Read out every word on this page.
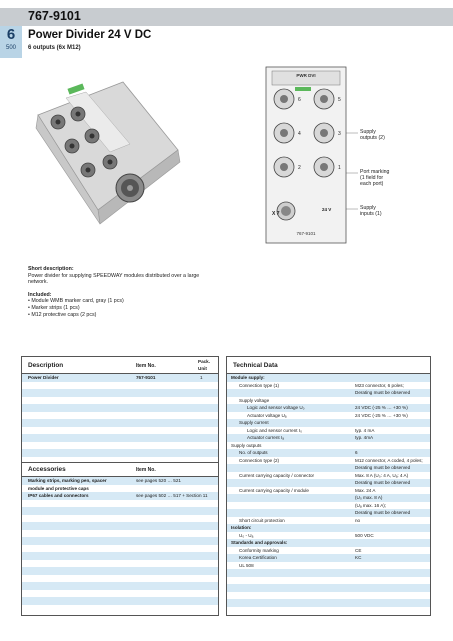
767-9101
6
500
Power Divider 24 V DC
6 outputs (6x M12)
PWR DVI
6	5
4	3
2	1
X 7
24 V
767-9101
Supply
outputs (2)
Port marking
(1 field for
each port)
Supply
inputs (1)
Short description:
Power divider for supplying SPEEDWAY modules distributed over a large
network.
Included:
• Module WMB marker card, gray (1 pcs)
• Marker strips (1 pcs)
• M12 protective caps (2 pcs)
Description	Item No.
Pack.
Unit
Power Divider	767-9101	1
Accessories	Item No.
Marking strips, marking pen, spacer	see pages 520 … 521
module and protective caps
IP67 cables and connectors	see pages 502 … 517 + Section 11
Technical Data
Module supply:
Connection type (1)	M23 connector, 6 poles;
Derating must be observed
Supply voltage
Logic and sensor voltage U₀	24 VDC (-25 % … +30 %)
Actuator voltage Uₐ	24 VDC (-25 % … +30 %)
Supply current
Logic and sensor current I₀	typ. 4 mA
Actuator current Iₐ	typ. 4mA
Supply outputs
No. of outputs	6
Connection type (2)	M12 connector, A coded, 4 poles;
Derating must be observed
Current carrying capacity / connector	Max. 8 A (U₀: 4 A, Uₐ: 4 A)
Derating must be observed
Current carrying capacity / module	Max. 24 A
(U₀ max. 8 A)
(Uₐ max. 16 A);
Derating must be observed
Short circuit protection	no
Isolation:
U₀ - Uₐ	500 VDC
Standards and approvals:
Conformity marking	CE
Korea Certification	KC
UL 508
